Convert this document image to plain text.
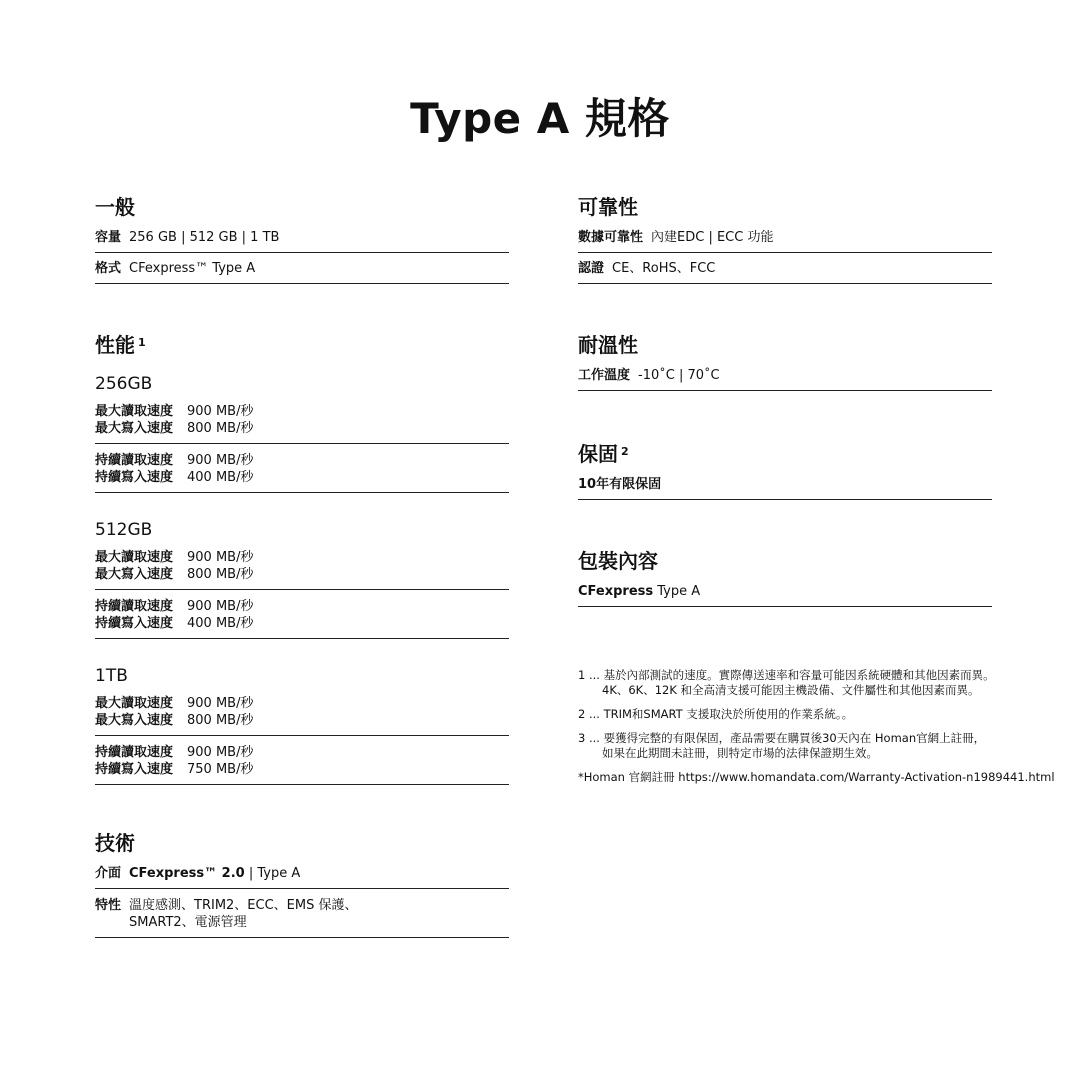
Type A 規格
一般
容量 256 GB | 512 GB | 1 TB
格式 CFexpress™ Type A
性能 $^1$
256GB
最大讀取速度	900 MB/秒
最大寫入速度	800 MB/秒
持續讀取速度	900 MB/秒
持續寫入速度	400 MB/秒
512GB
最大讀取速度	900 MB/秒
最大寫入速度	800 MB/秒
持續讀取速度	900 MB/秒
持續寫入速度	400 MB/秒
1TB
最大讀取速度	900 MB/秒
最大寫入速度	800 MB/秒
持續讀取速度	900 MB/秒
持續寫入速度	750 MB/秒
技術
介面 CFexpress™ 2.0 | Type A
特性 溫度感測、TRIM2、ECC、EMS 保護、
SMART2、電源管理
可靠性
數據可靠性 內建EDC | ECC 功能
認證 CE、RoHS、FCC
耐溫性
工作溫度 -10˚C | 70˚C
保固 $^2$
10年有限保固
包裝內容
CFexpress Type A
1 ... 基於內部測試的速度。實際傳送速率和容量可能因系統硬體和其他因素而異。
4K、6K、12K 和全高清支援可能因主機設備、文件屬性和其他因素而異。
2 ... TRIM和SMART 支援取決於所使用的作業系統。。
3 ... 要獲得完整的有限保固，產品需要在購買後30天內在 Homan官網上註冊，
如果在此期間未註冊，則特定市場的法律保證期生效。
*Homan 官網註冊 https://www.homandata.com/Warranty-Activation-n1989441.html
